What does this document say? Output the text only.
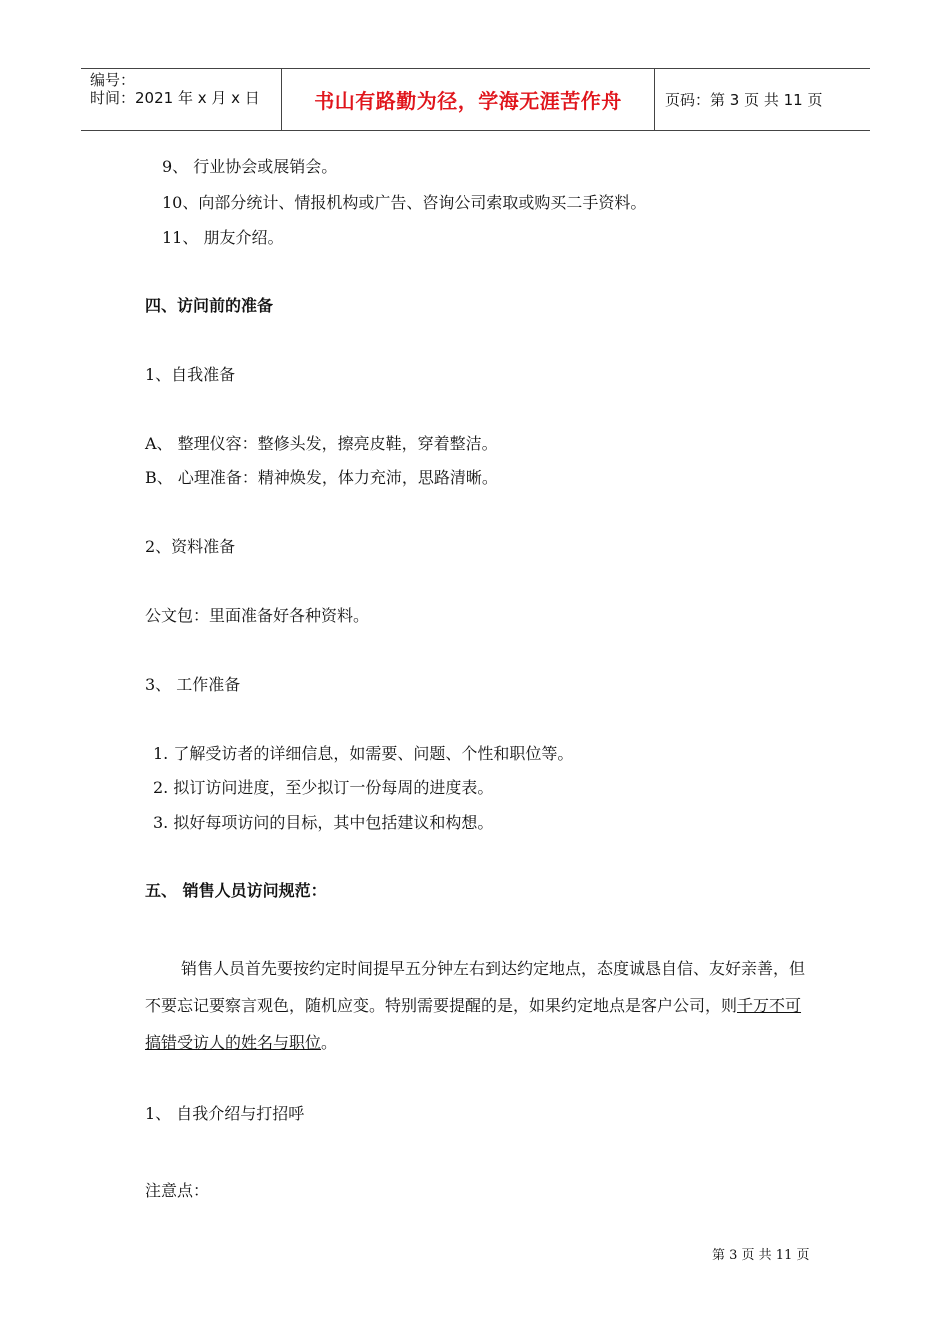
编号：
时间：2021 年 x 月 x 日	书山有路勤为径，学海无涯苦作舟	页码：第 3 页 共 11 页
9、 行业协会或展销会。
10、向部分统计、情报机构或广告、咨询公司索取或购买二手资料。
11、 朋友介绍。
四、访问前的准备
1、自我准备
A、 整理仪容：整修头发，擦亮皮鞋，穿着整洁。
B、 心理准备：精神焕发，体力充沛，思路清晰。
2、资料准备
公文包：里面准备好各种资料。
3、 工作准备
1. 了解受访者的详细信息，如需要、问题、个性和职位等。
2. 拟订访问进度，至少拟订一份每周的进度表。
3. 拟好每项访问的目标，其中包括建议和构想。
五、 销售人员访问规范：
销售人员首先要按约定时间提早五分钟左右到达约定地点，态度诚恳自信、友好亲善，但不要忘记要察言观色，随机应变。特别需要提醒的是，如果约定地点是客户公司，则千万不可搞错受访人的姓名与职位。
1、 自我介绍与打招呼
注意点：
第 3 页 共 11 页
